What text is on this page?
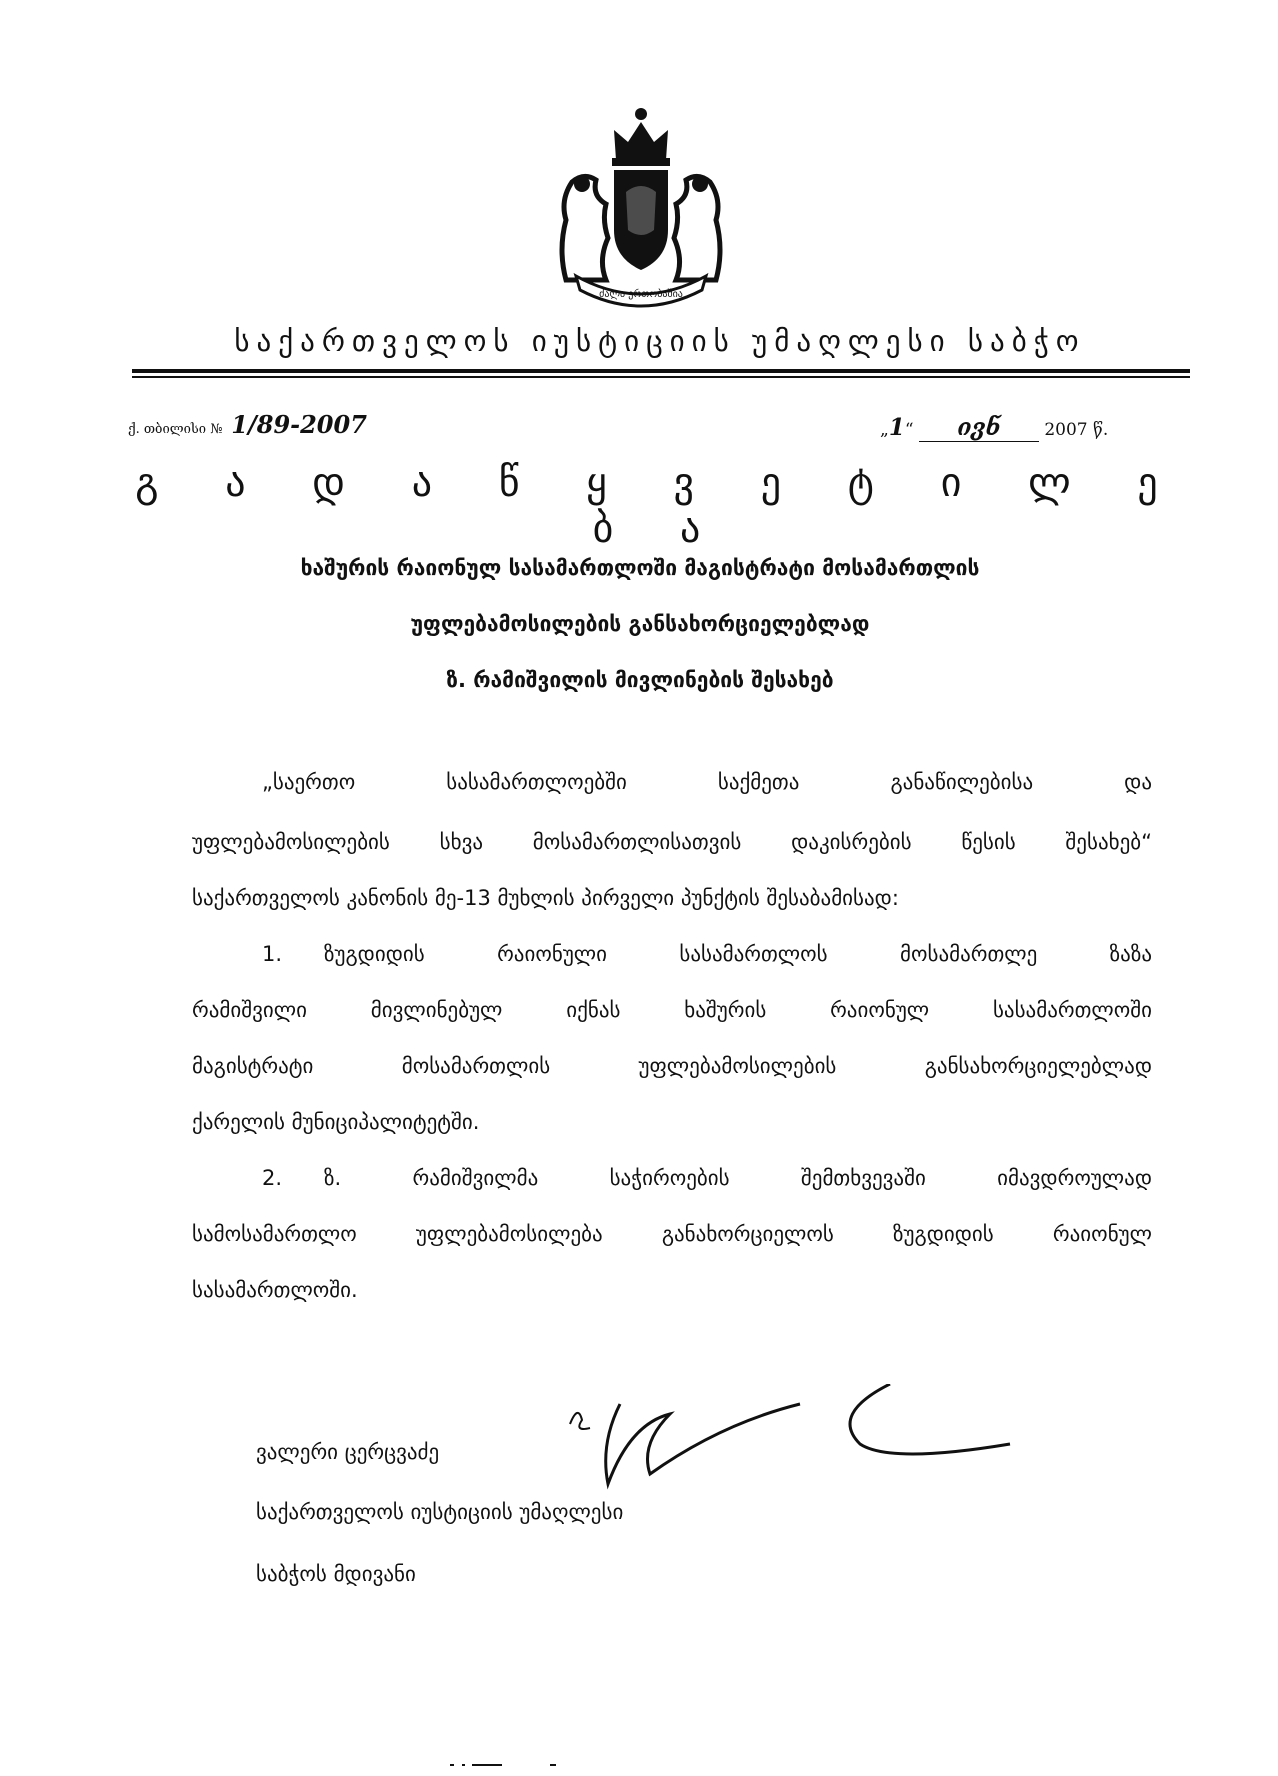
ძალა ერთობაშია
საქართველოს იუსტიციის უმაღლესი საბჭო
ქ. თბილისი № 1/89-2007	„1“ ივნ	2007 წ.
გ ა დ ა წ ყ ვ ე ტ ი ლ ე ბ ა
ხაშურის რაიონულ სასამართლოში მაგისტრატი მოსამართლის
უფლებამოსილების განსახორციელებლად
ზ. რამიშვილის მივლინების შესახებ
„საერთო სასამართლოებში საქმეთა განაწილებისა და
უფლებამოსილების სხვა მოსამართლისათვის დაკისრების წესის შესახებ“
საქართველოს კანონის მე-13 მუხლის პირველი პუნქტის შესაბამისად:
1. ზუგდიდის რაიონული სასამართლოს მოსამართლე ზაზა
რამიშვილი მივლინებულ იქნას ხაშურის რაიონულ სასამართლოში
მაგისტრატი მოსამართლის უფლებამოსილების განსახორციელებლად
ქარელის მუნიციპალიტეტში.
2. ზ. რამიშვილმა საჭიროების შემთხვევაში იმავდროულად
სამოსამართლო უფლებამოსილება განახორციელოს ზუგდიდის რაიონულ
სასამართლოში.
ვალერი ცერცვაძე
საქართველოს იუსტიციის უმაღლესი
საბჭოს მდივანი
